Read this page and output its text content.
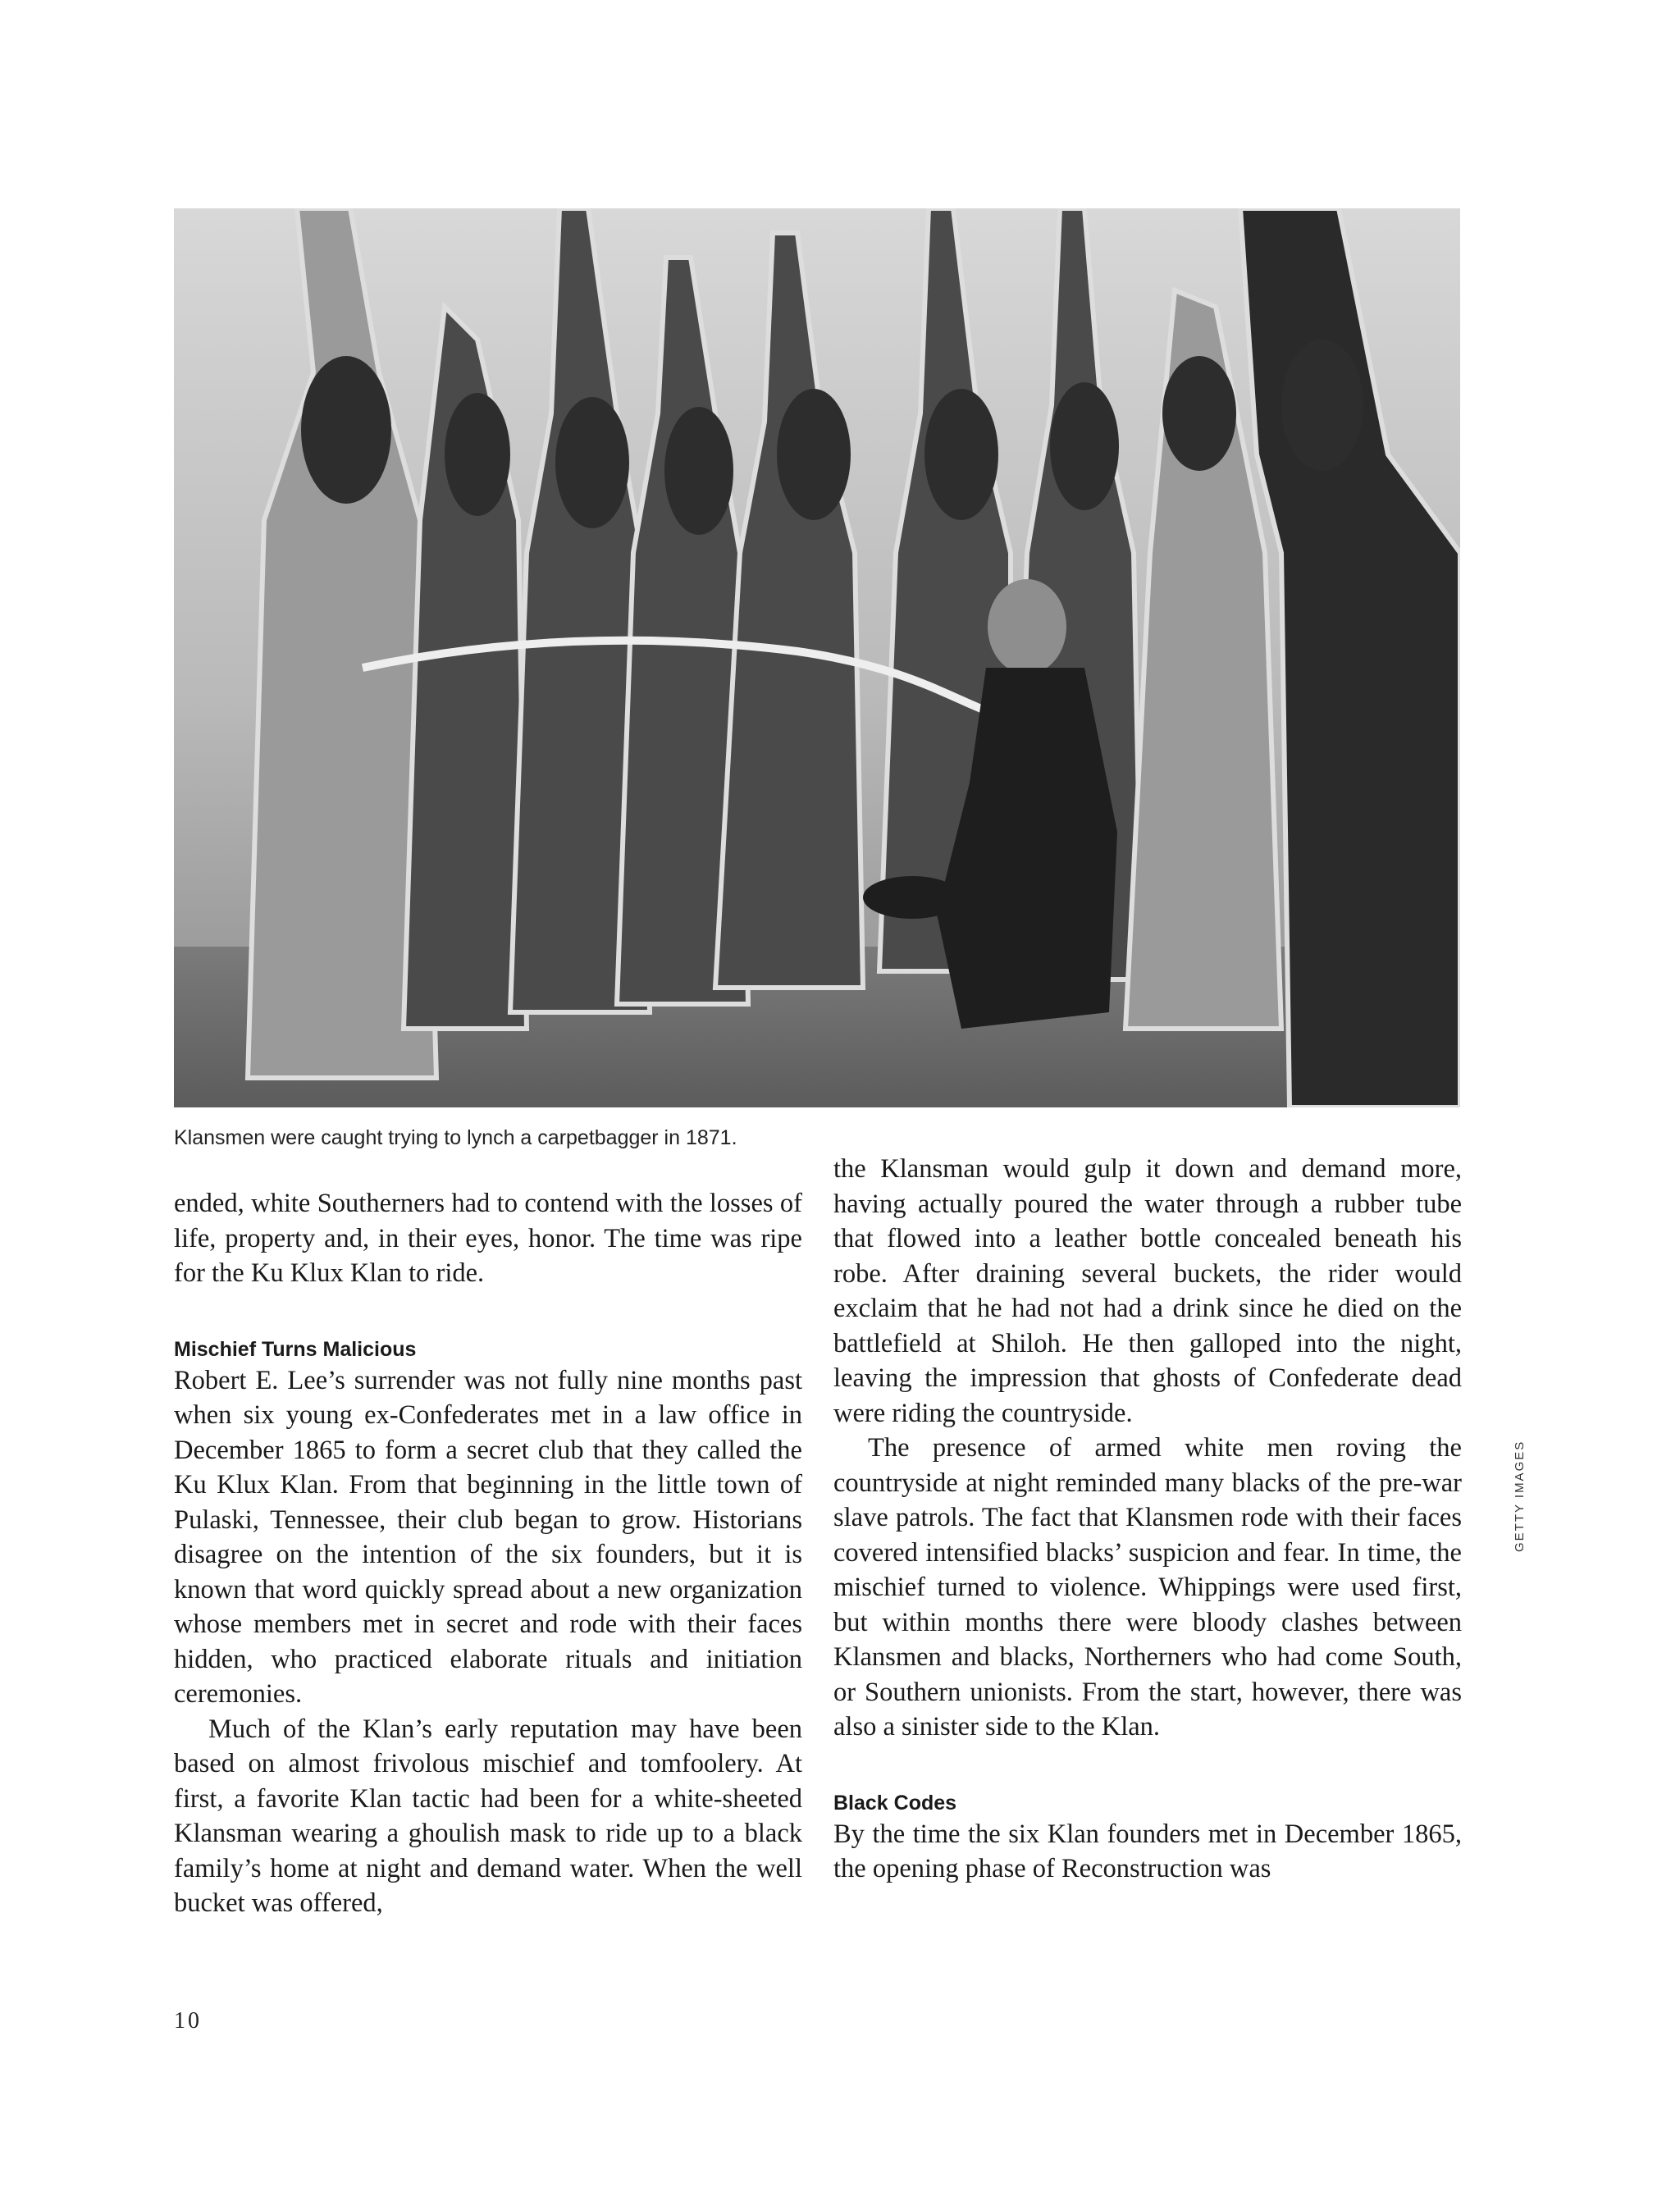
Klansmen were caught trying to lynch a carpetbagger in 1871.

ended, white Southerners had to contend with the losses of life, property and, in their eyes, honor. The time was ripe for the Ku Klux Klan to ride.

Mischief Turns Malicious

Robert E. Lee’s surrender was not fully nine months past when six young ex-Confederates met in a law office in December 1865 to form a secret club that they called the Ku Klux Klan. From that beginning in the little town of Pulaski, Tennessee, their club began to grow. Historians disagree on the intention of the six founders, but it is known that word quickly spread about a new organization whose members met in secret and rode with their faces hidden, who practiced elaborate rituals and initiation ceremonies.

Much of the Klan’s early reputation may have been based on almost frivolous mischief and tomfoolery. At first, a favorite Klan tactic had been for a white-sheeted Klansman wearing a ghoulish mask to ride up to a black family’s home at night and demand water. When the well bucket was offered,

the Klansman would gulp it down and demand more, having actually poured the water through a rubber tube that flowed into a leather bottle concealed beneath his robe. After draining several buckets, the rider would exclaim that he had not had a drink since he died on the battlefield at Shiloh. He then galloped into the night, leaving the impression that ghosts of Confederate dead were riding the countryside.

The presence of armed white men roving the countryside at night reminded many blacks of the pre-war slave patrols. The fact that Klansmen rode with their faces covered intensified blacks’ suspicion and fear. In time, the mischief turned to violence. Whippings were used first, but within months there were bloody clashes between Klansmen and blacks, Northerners who had come South, or Southern unionists. From the start, however, there was also a sinister side to the Klan.

Black Codes

By the time the six Klan founders met in December 1865, the opening phase of Reconstruction was

GETTY IMAGES
10
